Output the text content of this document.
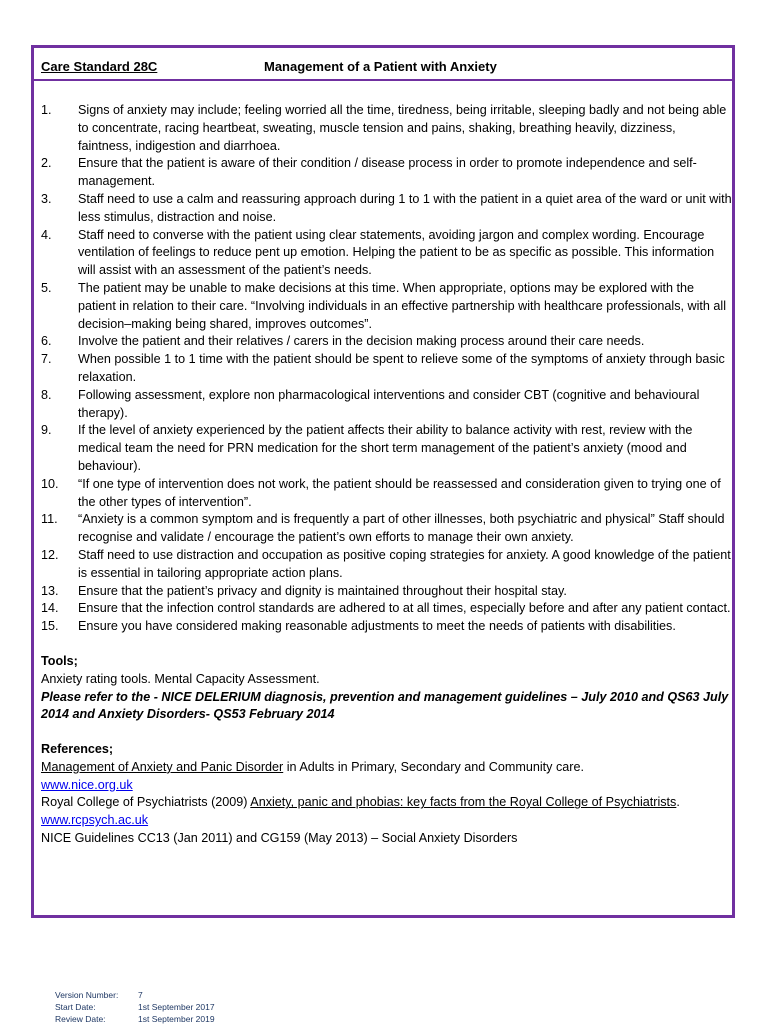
Care Standard 28C	Management of a Patient with Anxiety
1.	Signs of anxiety may include; feeling worried all the time, tiredness, being irritable, sleeping badly and not being able to concentrate, racing heartbeat, sweating, muscle tension and pains, shaking, breathing heavily, dizziness, faintness, indigestion and diarrhoea.
2.	Ensure that the patient is aware of their condition / disease process in order to promote independence and self-management.
3.	Staff need to use a calm and reassuring approach during 1 to 1 with the patient in a quiet area of the ward or unit with less stimulus, distraction and noise.
4.	Staff need to converse with the patient using clear statements, avoiding jargon and complex wording. Encourage ventilation of feelings to reduce pent up emotion. Helping the patient to be as specific as possible. This information will assist with an assessment of the patient’s needs.
5.	The patient may be unable to make decisions at this time. When appropriate, options may be explored with the patient in relation to their care. “Involving individuals in an effective partnership with healthcare professionals, with all decision–making being shared, improves outcomes”.
6.	Involve the patient and their relatives / carers in the decision making process around their care needs.
7.	When possible 1 to 1 time with the patient should be spent to relieve some of the symptoms of anxiety through basic relaxation.
8.	Following assessment, explore non pharmacological interventions and consider CBT (cognitive and behavioural therapy).
9.	If the level of anxiety experienced by the patient affects their ability to balance activity with rest, review with the medical team the need for PRN medication for the short term management of the patient’s anxiety (mood and behaviour).
10.	“If one type of intervention does not work, the patient should be reassessed and consideration given to trying one of the other types of intervention”.
11.	“Anxiety is a common symptom and is frequently a part of other illnesses, both psychiatric and physical” Staff should recognise and validate / encourage the patient’s own efforts to manage their own anxiety.
12.	Staff need to use distraction and occupation as positive coping strategies for anxiety. A good knowledge of the patient is essential in tailoring appropriate action plans.
13.	Ensure that the patient’s privacy and dignity is maintained throughout their hospital stay.
14.	Ensure that the infection control standards are adhered to at all times, especially before and after any patient contact.
15.	Ensure you have considered making reasonable adjustments to meet the needs of patients with disabilities.
Tools;
Anxiety rating tools. Mental Capacity Assessment.
Please refer to the - NICE DELERIUM diagnosis, prevention and management guidelines – July 2010 and QS63 July 2014 and Anxiety Disorders- QS53 February 2014
References;
Management of Anxiety and Panic Disorder in Adults in Primary, Secondary and Community care.
www.nice.org.uk
Royal College of Psychiatrists (2009) Anxiety, panic and phobias: key facts from the Royal College of Psychiatrists. www.rcpsych.ac.uk
NICE Guidelines CC13 (Jan 2011) and CG159 (May 2013) – Social Anxiety Disorders
Version Number:	7
Start Date:	1st September 2017
Review Date:	1st September 2019
